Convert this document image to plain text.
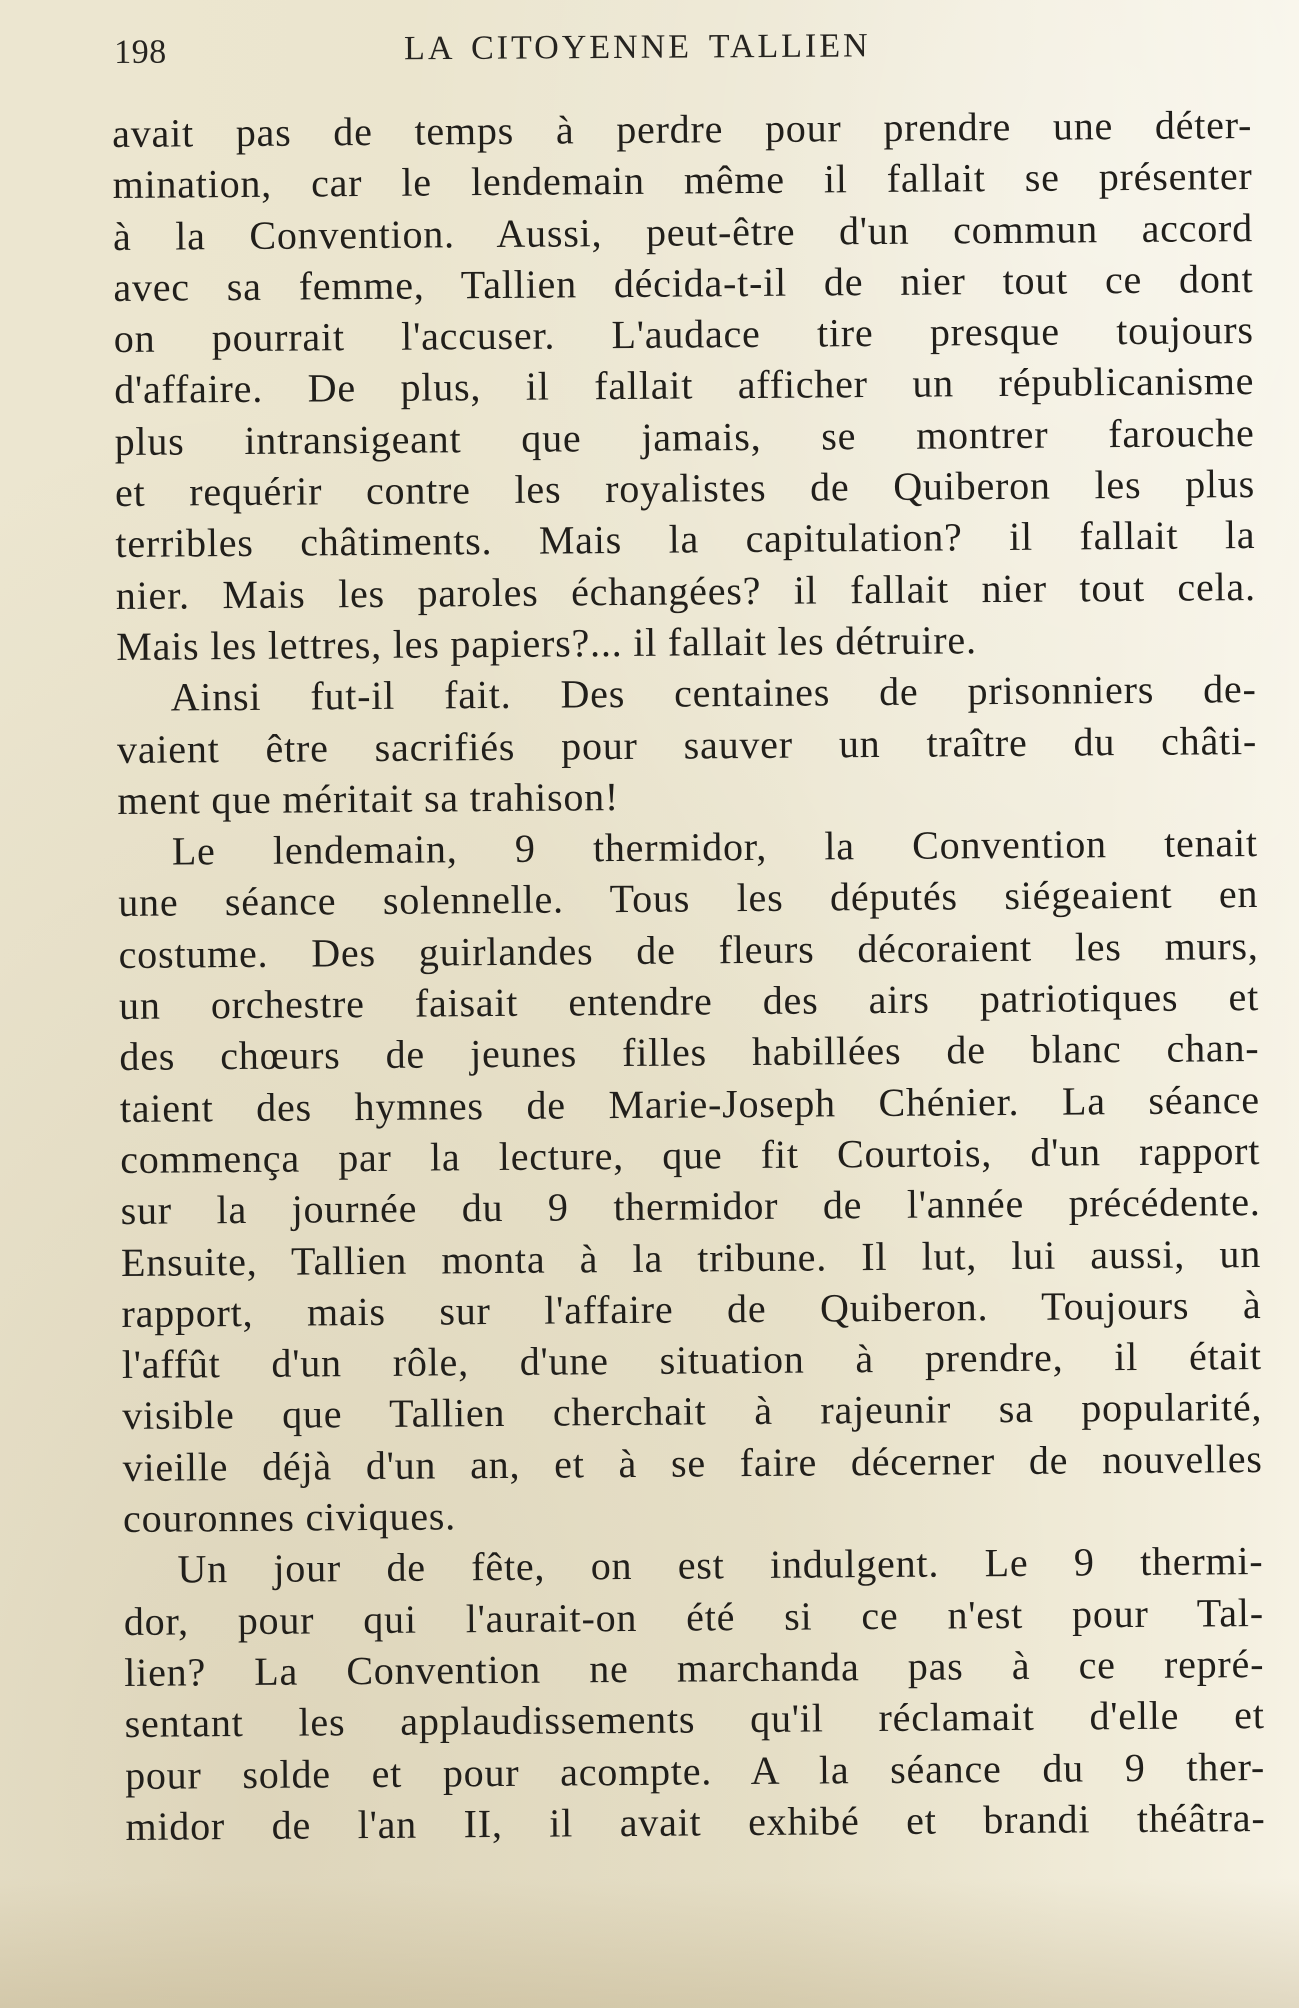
198	LA CITOYENNE TALLIEN
avait pas de temps à perdre pour prendre une déter-
mination, car le lendemain même il fallait se présenter
à la Convention. Aussi, peut-être d'un commun accord
avec sa femme, Tallien décida-t-il de nier tout ce dont
on pourrait l'accuser. L'audace tire presque toujours
d'affaire. De plus, il fallait afficher un républicanisme
plus intransigeant que jamais, se montrer farouche
et requérir contre les royalistes de Quiberon les plus
terribles châtiments. Mais la capitulation? il fallait la
nier. Mais les paroles échangées? il fallait nier tout cela.
Mais les lettres, les papiers?... il fallait les détruire.
Ainsi fut-il fait. Des centaines de prisonniers de-
vaient être sacrifiés pour sauver un traître du châti-
ment que méritait sa trahison!
Le lendemain, 9 thermidor, la Convention tenait
une séance solennelle. Tous les députés siégeaient en
costume. Des guirlandes de fleurs décoraient les murs,
un orchestre faisait entendre des airs patriotiques et
des chœurs de jeunes filles habillées de blanc chan-
taient des hymnes de Marie-Joseph Chénier. La séance
commença par la lecture, que fit Courtois, d'un rapport
sur la journée du 9 thermidor de l'année précédente.
Ensuite, Tallien monta à la tribune. Il lut, lui aussi, un
rapport, mais sur l'affaire de Quiberon. Toujours à
l'affût d'un rôle, d'une situation à prendre, il était
visible que Tallien cherchait à rajeunir sa popularité,
vieille déjà d'un an, et à se faire décerner de nouvelles
couronnes civiques.
Un jour de fête, on est indulgent. Le 9 thermi-
dor, pour qui l'aurait-on été si ce n'est pour Tal-
lien? La Convention ne marchanda pas à ce repré-
sentant les applaudissements qu'il réclamait d'elle et
pour solde et pour acompte. A la séance du 9 ther-
midor de l'an II, il avait exhibé et brandi théâtra-
